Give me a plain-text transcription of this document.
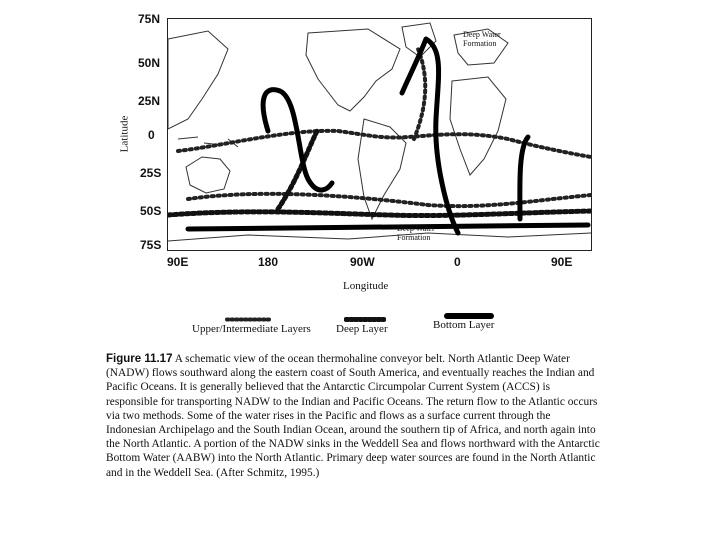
Latitude
75N
50N
25N
0
25S
50S
75S
Deep Water
Formation
Deep Water
Formation
90E	180	90W	0	90E
Longitude
Upper/Intermediate Layers Deep Layer	Bottom Layer
Figure 11.17 A schematic view of the ocean thermohaline conveyor belt. North Atlantic Deep Water (NADW) flows southward along the eastern coast of South America, and eventually reaches the Indian and Pacific Oceans. It is generally believed that the Antarctic Circumpolar Current System (ACCS) is responsible for transporting NADW to the Indian and Pacific Oceans. The return flow to the Atlantic occurs via two methods. Some of the water rises in the Pacific and flows as a surface current through the Indonesian Archipelago and the South Indian Ocean, around the southern tip of Africa, and north again into the North Atlantic. A portion of the NADW sinks in the Weddell Sea and flows northward with the Antarctic Bottom Water (AABW) into the North Atlantic. Primary deep water sources are found in the North Atlantic and in the Weddell Sea. (After Schmitz, 1995.)
